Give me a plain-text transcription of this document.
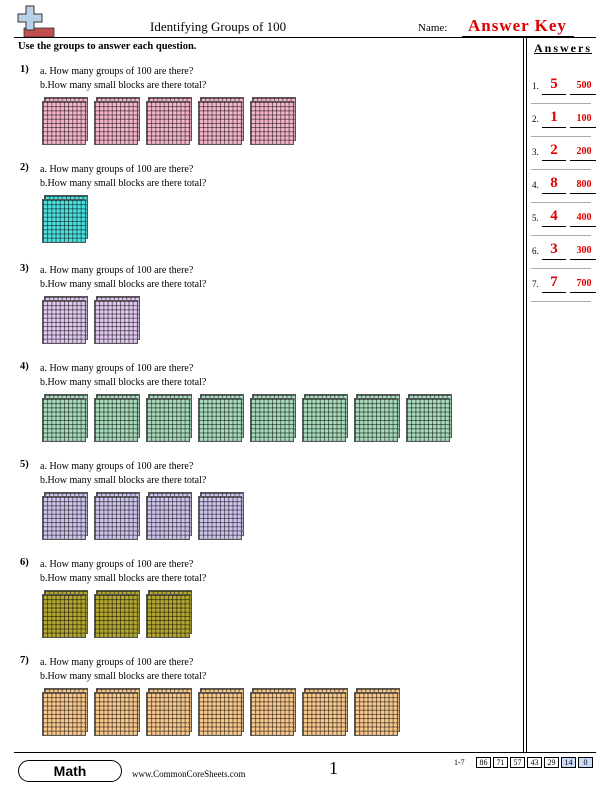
Identifying Groups of 100	Name: Answer Key
Use the groups to answer each question.
1) a. How many groups of 100 are there?
b.How many small blocks are there total?
2) a. How many groups of 100 are there?
b.How many small blocks are there total?
3) a. How many groups of 100 are there?
b.How many small blocks are there total?
4) a. How many groups of 100 are there?
b.How many small blocks are there total?
5) a. How many groups of 100 are there?
b.How many small blocks are there total?
6) a. How many groups of 100 are there?
b.How many small blocks are there total?
7) a. How many groups of 100 are there?
b.How many small blocks are there total?
Answers
1. 5	500
2. 1	100
3. 2	200
4. 8	800
5. 4	400
6. 3	300
7. 7	700
Math	www.CommonCoreSheets.com	1	1-7	86	71	57	43	29	14	0
